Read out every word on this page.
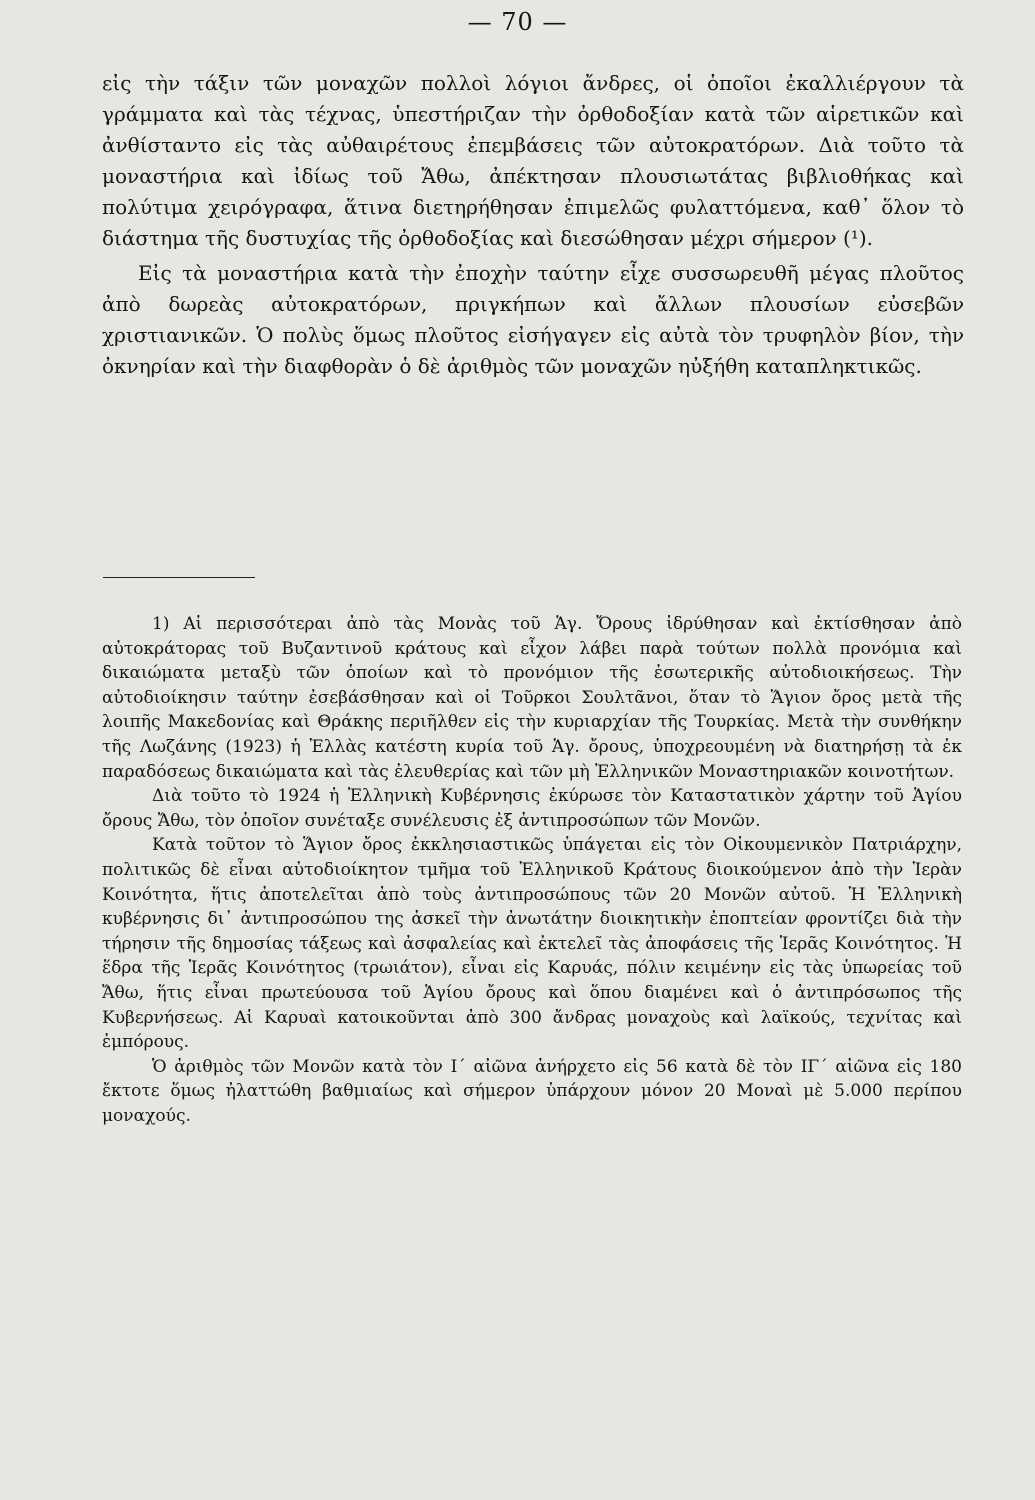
— 70 —

εἰς τὴν τάξιν τῶν μοναχῶν πολλοὶ λόγιοι ἄνδρες, οἱ ὁποῖοι ἐκαλλιέργουν τὰ γράμματα καὶ τὰς τέχνας, ὑπεστήριζαν τὴν ὀρθοδοξίαν κατὰ τῶν αἱρετικῶν καὶ ἀνθίσταντο εἰς τὰς αὐθαιρέτους ἐπεμβάσεις τῶν αὐτοκρατόρων. Διὰ τοῦτο τὰ μοναστήρια καὶ ἰδίως τοῦ Ἄθω, ἀπέκτησαν πλουσιωτάτας βιβλιοθήκας καὶ πολύτιμα χειρόγραφα, ἅτινα διετηρήθησαν ἐπιμελῶς φυλαττόμενα, καθ᾽ ὅλον τὸ διάστημα τῆς δυστυχίας τῆς ὀρθοδοξίας καὶ διεσώθησαν μέχρι σήμερον (¹).

Εἰς τὰ μοναστήρια κατὰ τὴν ἐποχὴν ταύτην εἶχε συσσωρευθῆ μέγας πλοῦτος ἀπὸ δωρεὰς αὐτοκρατόρων, πριγκήπων καὶ ἄλλων πλουσίων εὐσεβῶν χριστιανικῶν. Ὁ πολὺς ὅμως πλοῦτος εἰσήγαγεν εἰς αὐτὰ τὸν τρυφηλὸν βίον, τὴν ὀκνηρίαν καὶ τὴν διαφθορὰν ὁ δὲ ἀριθμὸς τῶν μοναχῶν ηὐξήθη καταπληκτικῶς.

1) Αἱ περισσότεραι ἀπὸ τὰς Μονὰς τοῦ Ἁγ. Ὄρους ἱδρύθησαν καὶ ἐκτίσθησαν ἀπὸ αὐτοκράτορας τοῦ Βυζαντινοῦ κράτους καὶ εἶχον λάβει παρὰ τούτων πολλὰ προνόμια καὶ δικαιώματα μεταξὺ τῶν ὁποίων καὶ τὸ προνόμιον τῆς ἐσωτερικῆς αὐτοδιοικήσεως. Τὴν αὐτοδιοίκησιν ταύτην ἐσεβάσθησαν καὶ οἱ Τοῦρκοι Σουλτᾶνοι, ὅταν τὸ Ἅγιον ὄρος μετὰ τῆς λοιπῆς Μακεδονίας καὶ Θράκης περιῆλθεν εἰς τὴν κυριαρχίαν τῆς Τουρκίας. Μετὰ τὴν συνθήκην τῆς Λωζάνης (1923) ἡ Ἑλλὰς κατέστη κυρία τοῦ Ἁγ. ὄρους, ὑποχρεουμένη νὰ διατηρήσῃ τὰ ἐκ παραδόσεως δικαιώματα καὶ τὰς ἐλευθερίας καὶ τῶν μὴ Ἑλληνικῶν Μοναστηριακῶν κοινοτήτων.

Διὰ τοῦτο τὸ 1924 ἡ Ἑλληνικὴ Κυβέρνησις ἐκύρωσε τὸν Καταστατικὸν χάρτην τοῦ Ἁγίου ὄρους Ἄθω, τὸν ὁποῖον συνέταξε συνέλευσις ἐξ ἀντιπροσώπων τῶν Μονῶν.

Κατὰ τοῦτον τὸ Ἅγιον ὄρος ἐκκλησιαστικῶς ὑπάγεται εἰς τὸν Οἰκουμενικὸν Πατριάρχην, πολιτικῶς δὲ εἶναι αὐτοδιοίκητον τμῆμα τοῦ Ἑλληνικοῦ Κράτους διοικούμενον ἀπὸ τὴν Ἱερὰν Κοινότητα, ἥτις ἀποτελεῖται ἀπὸ τοὺς ἀντιπροσώπους τῶν 20 Μονῶν αὐτοῦ. Ἡ Ἑλληνικὴ κυβέρνησις δι᾽ ἀντιπροσώπου της ἀσκεῖ τὴν ἀνωτάτην διοικητικὴν ἐποπτείαν φροντίζει διὰ τὴν τήρησιν τῆς δημοσίας τάξεως καὶ ἀσφαλείας καὶ ἐκτελεῖ τὰς ἀποφάσεις τῆς Ἱερᾶς Κοινότητος. Ἡ ἕδρα τῆς Ἱερᾶς Κοινότητος (τρωιάτον), εἶναι εἰς Καρυάς, πόλιν κειμένην εἰς τὰς ὑπωρείας τοῦ Ἄθω, ἥτις εἶναι πρωτεύουσα τοῦ Ἁγίου ὄρους καὶ ὅπου διαμένει καὶ ὁ ἀντιπρόσωπος τῆς Κυβερνήσεως. Αἱ Καρυαὶ κατοικοῦνται ἀπὸ 300 ἄνδρας μοναχοὺς καὶ λαϊκούς, τεχνίτας καὶ ἐμπόρους.

Ὁ ἀριθμὸς τῶν Μονῶν κατὰ τὸν Ι΄ αἰῶνα ἀνήρχετο εἰς 56 κατὰ δὲ τὸν ΙΓ΄ αἰῶνα εἰς 180 ἔκτοτε ὅμως ἠλαττώθη βαθμιαίως καὶ σήμερον ὑπάρχουν μόνον 20 Μοναὶ μὲ 5.000 περίπου μοναχούς.
